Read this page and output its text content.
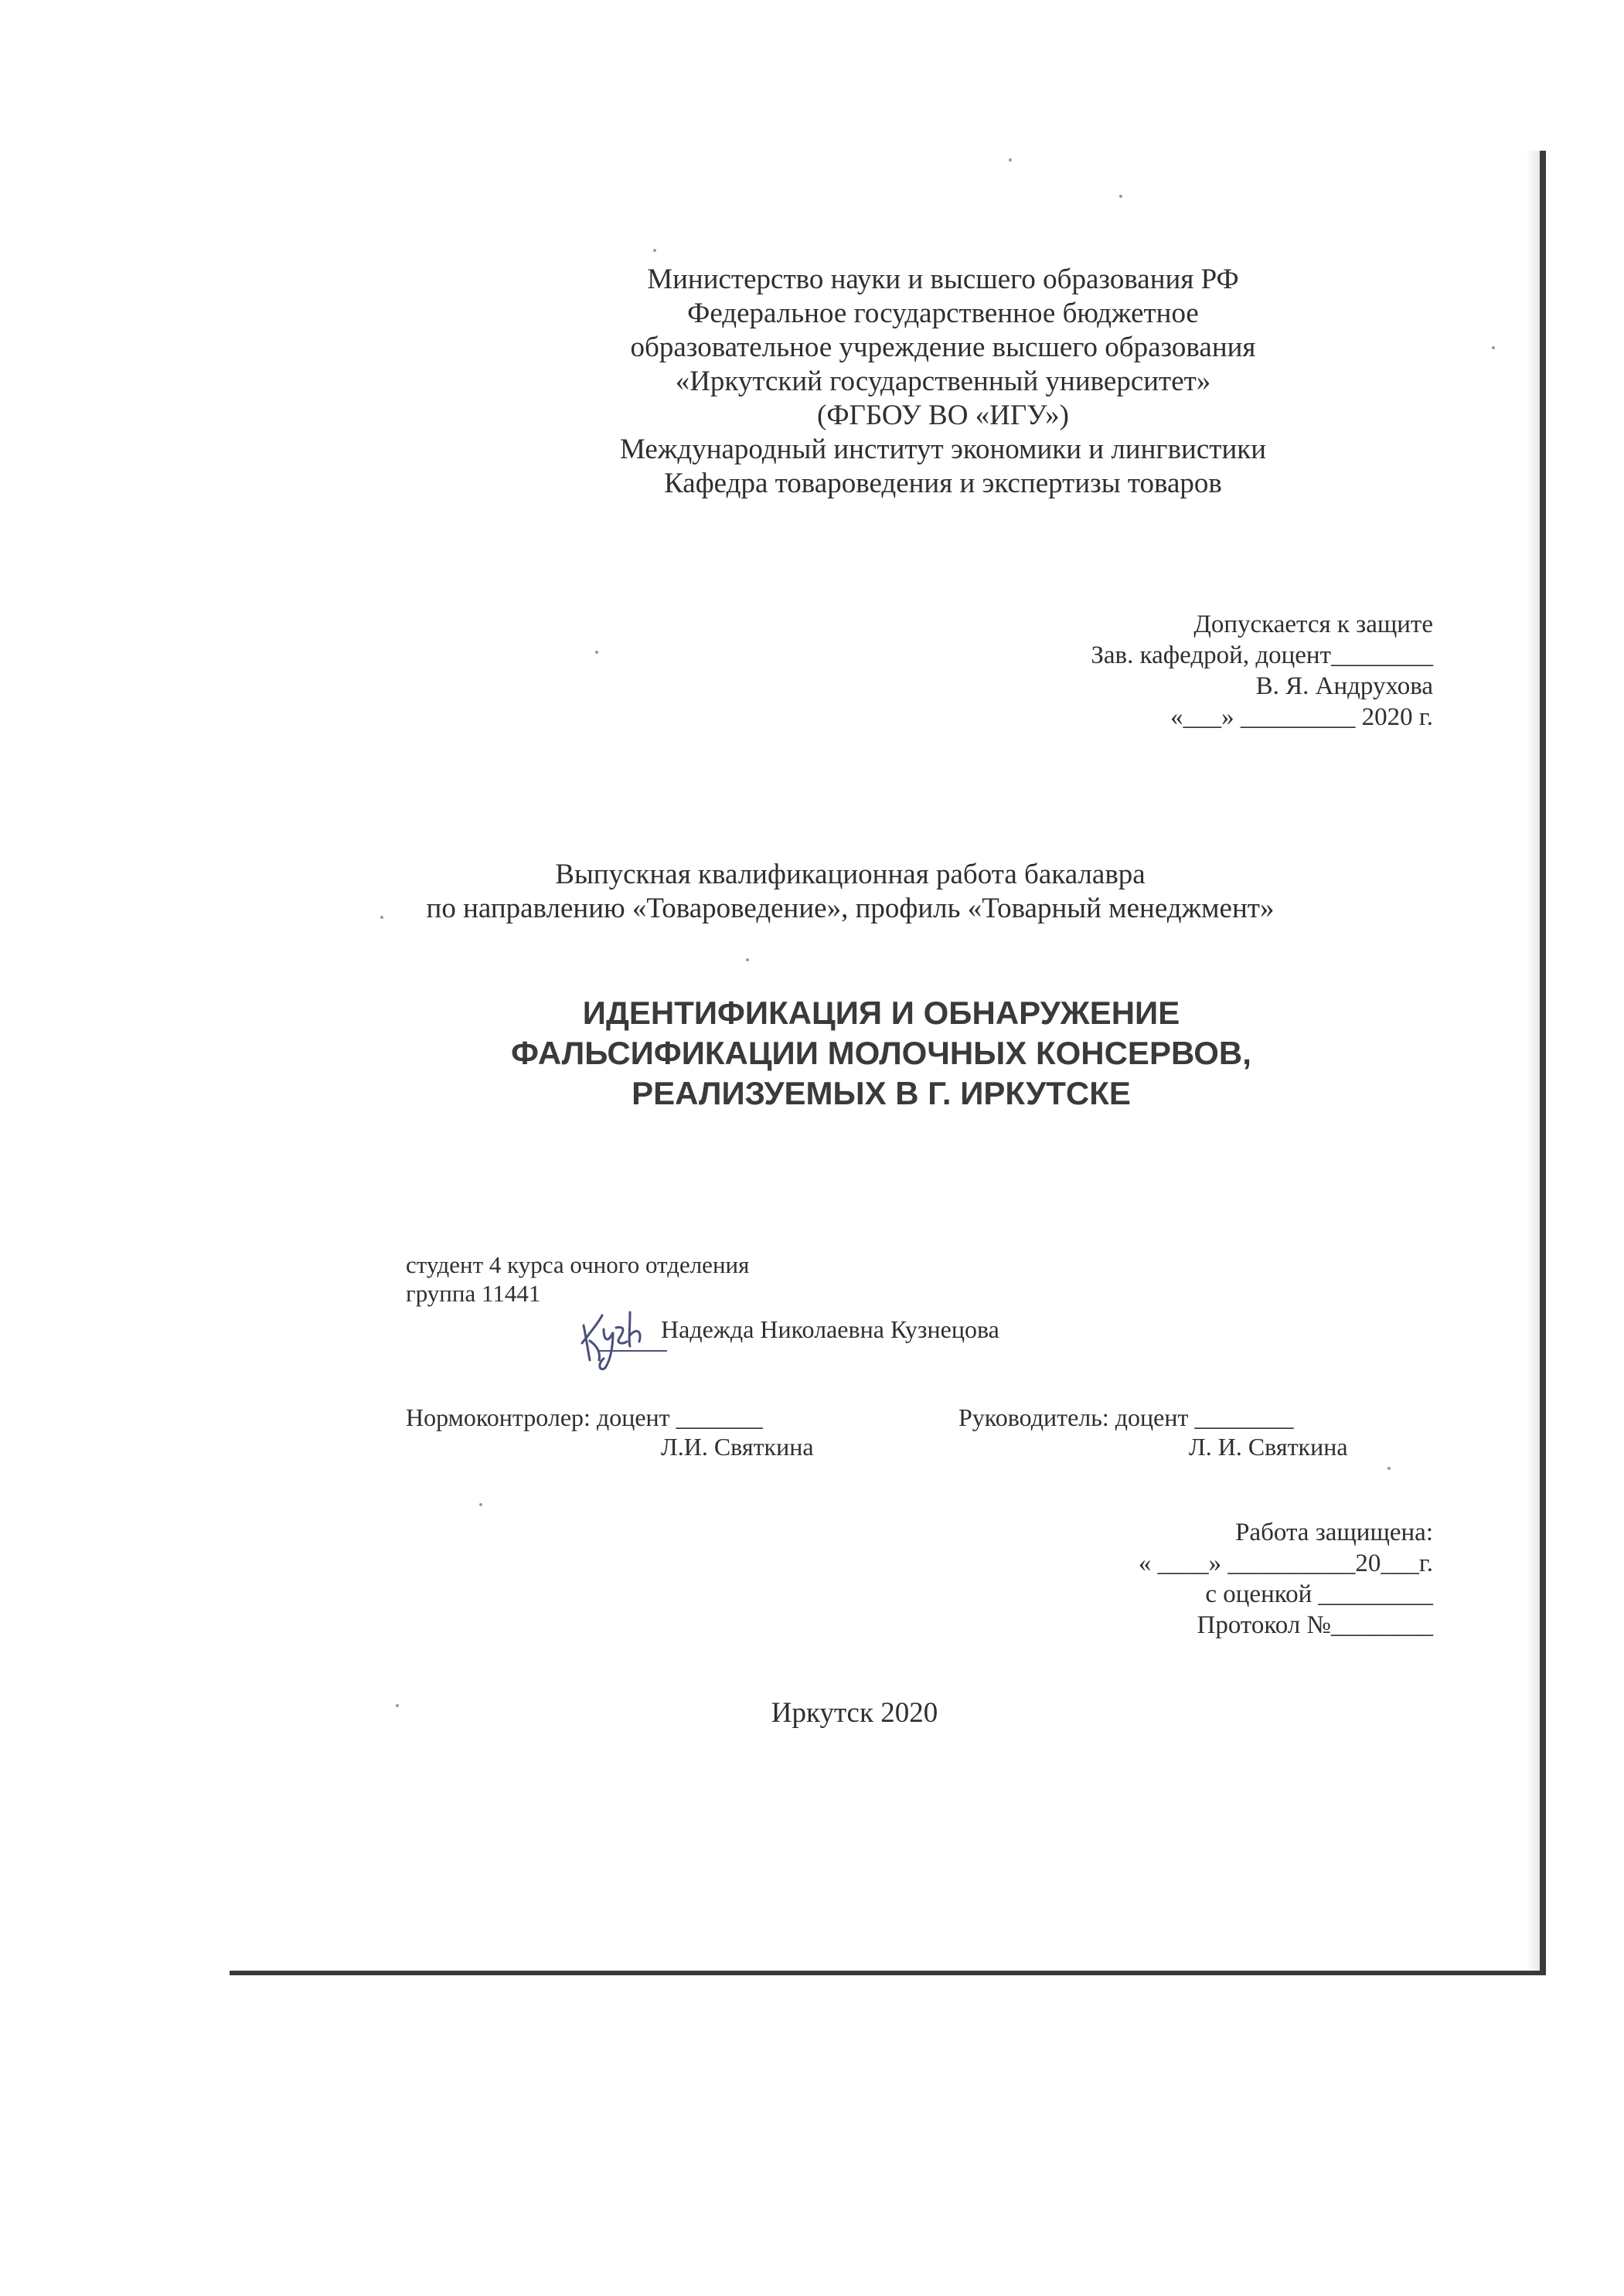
Министерство науки и высшего образования РФ
Федеральное государственное бюджетное
образовательное учреждение высшего образования
«Иркутский государственный университет»
(ФГБОУ ВО «ИГУ»)
Международный институт экономики и лингвистики
Кафедра товароведения и экспертизы товаров
Допускается к защите
Зав. кафедрой, доцент________
В. Я. Андрухова
«___» _________ 2020 г.
Выпускная квалификационная работа бакалавра
по направлению «Товароведение», профиль «Товарный менеджмент»
ИДЕНТИФИКАЦИЯ И ОБНАРУЖЕНИЕ
ФАЛЬСИФИКАЦИИ МОЛОЧНЫХ КОНСЕРВОВ,
РЕАЛИЗУЕМЫХ В Г. ИРКУТСКЕ
студент 4 курса очного отделения
группа 11441
Надежда Николаевна Кузнецова
Нормоконтролер: доцент _______
Л.И. Святкина
Руководитель: доцент ________
Л. И. Святкина
Работа защищена:
« ____» __________20___г.
с оценкой _________
Протокол №________
Иркутск 2020
